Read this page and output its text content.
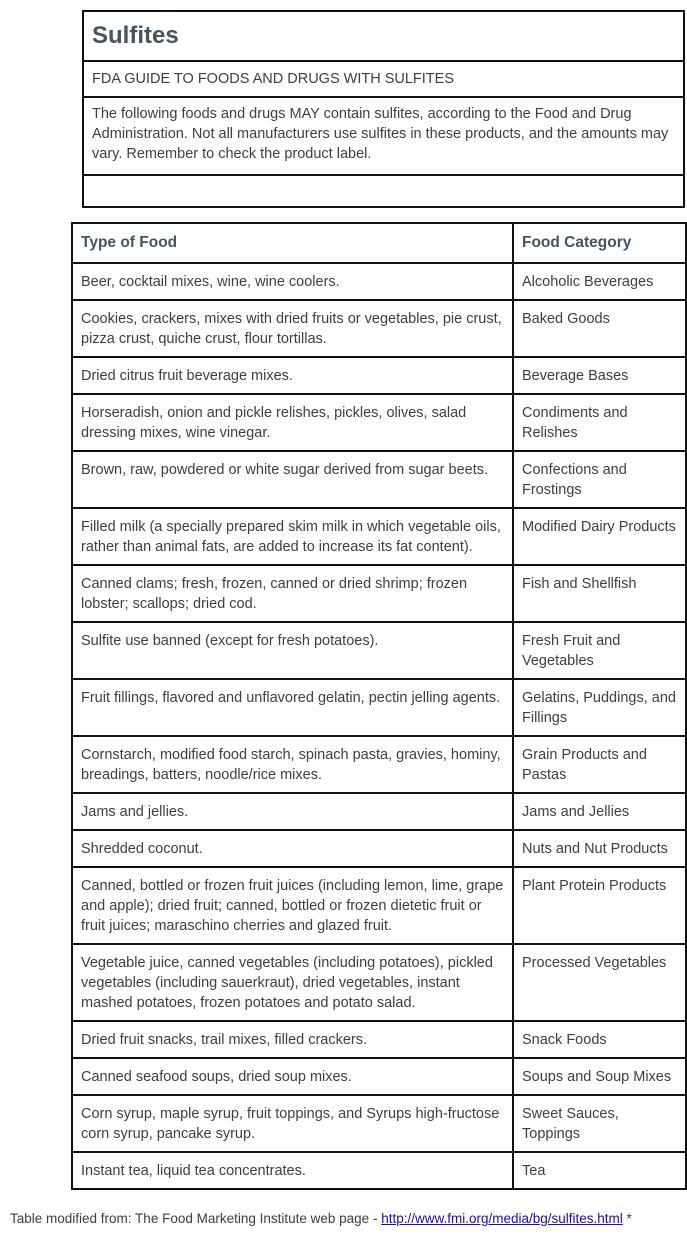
Sulfites
FDA GUIDE TO FOODS AND DRUGS WITH SULFITES
The following foods and drugs MAY contain sulfites, according to the Food and Drug Administration. Not all manufacturers use sulfites in these products, and the amounts may vary. Remember to check the product label.
Type of Food	Food Category
Beer, cocktail mixes, wine, wine coolers.	Alcoholic Beverages
Cookies, crackers, mixes with dried fruits or vegetables, pie crust, pizza crust, quiche crust, flour tortillas.	Baked Goods
Dried citrus fruit beverage mixes.	Beverage Bases
Horseradish, onion and pickle relishes, pickles, olives, salad dressing mixes, wine vinegar.	Condiments and Relishes
Brown, raw, powdered or white sugar derived from sugar beets.	Confections and Frostings
Filled milk (a specially prepared skim milk in which vegetable oils, rather than animal fats, are added to increase its fat content).	Modified Dairy Products
Canned clams; fresh, frozen, canned or dried shrimp; frozen lobster; scallops; dried cod.	Fish and Shellfish
Sulfite use banned (except for fresh potatoes).	Fresh Fruit and Vegetables
Fruit fillings, flavored and unflavored gelatin, pectin jelling agents.	Gelatins, Puddings, and Fillings
Cornstarch, modified food starch, spinach pasta, gravies, hominy, breadings, batters, noodle/rice mixes.	Grain Products and Pastas
Jams and jellies.	Jams and Jellies
Shredded coconut.	Nuts and Nut Products
Canned, bottled or frozen fruit juices (including lemon, lime, grape and apple); dried fruit; canned, bottled or frozen dietetic fruit or fruit juices; maraschino cherries and glazed fruit.	Plant Protein Products
Vegetable juice, canned vegetables (including potatoes), pickled vegetables (including sauerkraut), dried vegetables, instant mashed potatoes, frozen potatoes and potato salad.	Processed Vegetables
Dried fruit snacks, trail mixes, filled crackers.	Snack Foods
Canned seafood soups, dried soup mixes.	Soups and Soup Mixes
Corn syrup, maple syrup, fruit toppings, and Syrups high-fructose corn syrup, pancake syrup.	Sweet Sauces, Toppings
Instant tea, liquid tea concentrates.	Tea
Table modified from: The Food Marketing Institute web page - http://www.fmi.org/media/bg/sulfites.html *
